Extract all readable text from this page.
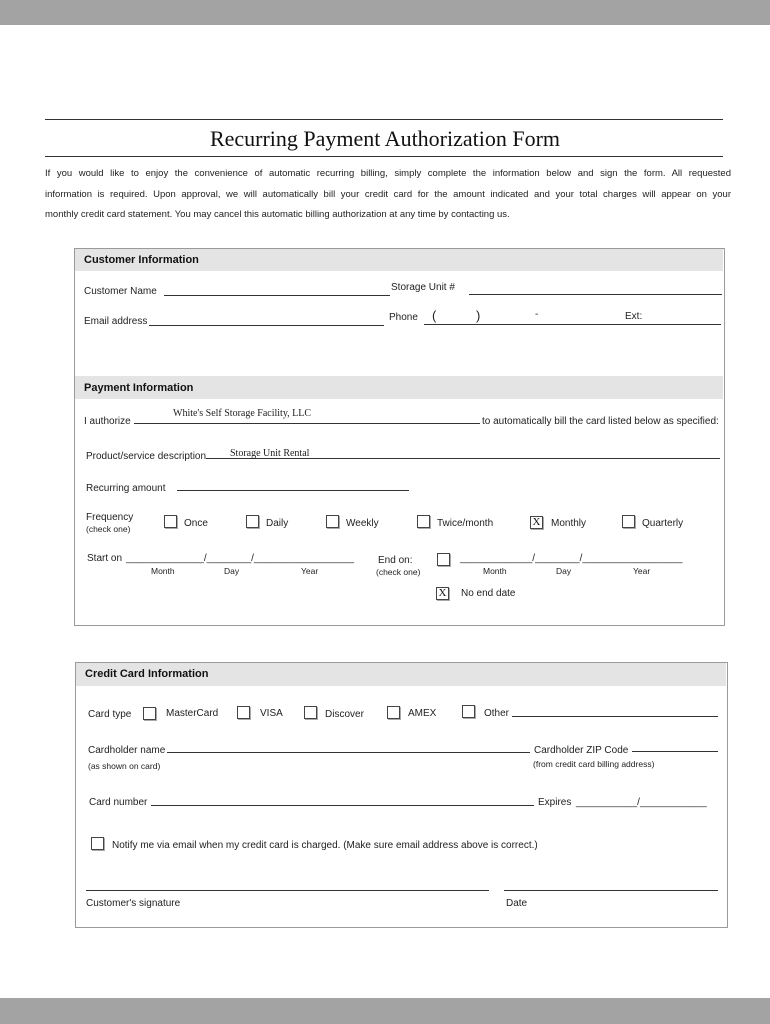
Recurring Payment Authorization Form
If you would like to enjoy the convenience of automatic recurring billing, simply complete the information below and sign the form. All requested
information is required. Upon approval, we will automatically bill your credit card for the amount indicated and your total charges will appear on your
monthly credit card statement. You may cancel this automatic billing authorization at any time by contacting us.
Customer Information
Customer Name	Storage Unit #
Email address	Phone (	)	-	Ext:
Payment Information
I authorize
White's Self Storage Facility, LLC
to automatically bill the card listed below as specified:
Product/service description Storage Unit Rental
Recurring amount
Frequency
(check one)	Once	Daily	Weekly	Twice/month	X Monthly	Quarterly
Start on ______________/________/__________________
Month	Day	Year
End on:
(check one)
_____________/________/__________________
Month	Day	Year
X No end date
Credit Card Information
Card type	MasterCard	VISA	Discover	AMEX	Other
Cardholder name
(as shown on card)
Cardholder ZIP Code
(from credit card billing address)
Card number	Expires ___________/____________
Notify me via email when my credit card is charged. (Make sure email address above is correct.)
Customer's signature	Date
